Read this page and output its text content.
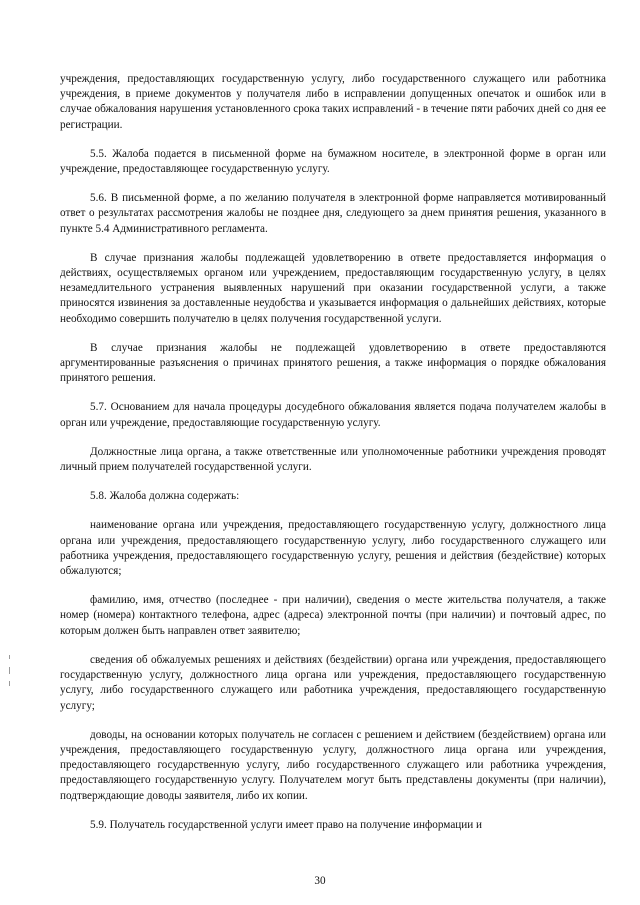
учреждения, предоставляющих государственную услугу, либо государственного служащего или работника учреждения, в приеме документов у получателя либо в исправлении допущенных опечаток и ошибок или в случае обжалования нарушения установленного срока таких исправлений - в течение пяти рабочих дней со дня ее регистрации.

5.5. Жалоба подается в письменной форме на бумажном носителе, в электронной форме в орган или учреждение, предоставляющее государственную услугу.

5.6. В письменной форме, а по желанию получателя в электронной форме направляется мотивированный ответ о результатах рассмотрения жалобы не позднее дня, следующего за днем принятия решения, указанного в пункте 5.4 Административного регламента.

В случае признания жалобы подлежащей удовлетворению в ответе предоставляется информация о действиях, осуществляемых органом или учреждением, предоставляющим государственную услугу, в целях незамедлительного устранения выявленных нарушений при оказании государственной услуги, а также приносятся извинения за доставленные неудобства и указывается информация о дальнейших действиях, которые необходимо совершить получателю в целях получения государственной услуги.

В случае признания жалобы не подлежащей удовлетворению в ответе предоставляются аргументированные разъяснения о причинах принятого решения, а также информация о порядке обжалования принятого решения.

5.7. Основанием для начала процедуры досудебного обжалования является подача получателем жалобы в орган или учреждение, предоставляющие государственную услугу.

Должностные лица органа, а также ответственные или уполномоченные работники учреждения проводят личный прием получателей государственной услуги.

5.8. Жалоба должна содержать:

наименование органа или учреждения, предоставляющего государственную услугу, должностного лица органа или учреждения, предоставляющего государственную услугу, либо государственного служащего или работника учреждения, предоставляющего государственную услугу, решения и действия (бездействие) которых обжалуются;

фамилию, имя, отчество (последнее - при наличии), сведения о месте жительства получателя, а также номер (номера) контактного телефона, адрес (адреса) электронной почты (при наличии) и почтовый адрес, по которым должен быть направлен ответ заявителю;

сведения об обжалуемых решениях и действиях (бездействии) органа или учреждения, предоставляющего государственную услугу, должностного лица органа или учреждения, предоставляющего государственную услугу, либо государственного служащего или работника учреждения, предоставляющего государственную услугу;

доводы, на основании которых получатель не согласен с решением и действием (бездействием) органа или учреждения, предоставляющего государственную услугу, должностного лица органа или учреждения, предоставляющего государственную услугу, либо государственного служащего или работника учреждения, предоставляющего государственную услугу. Получателем могут быть представлены документы (при наличии), подтверждающие доводы заявителя, либо их копии.

5.9. Получатель государственной услуги имеет право на получение информации и

30
